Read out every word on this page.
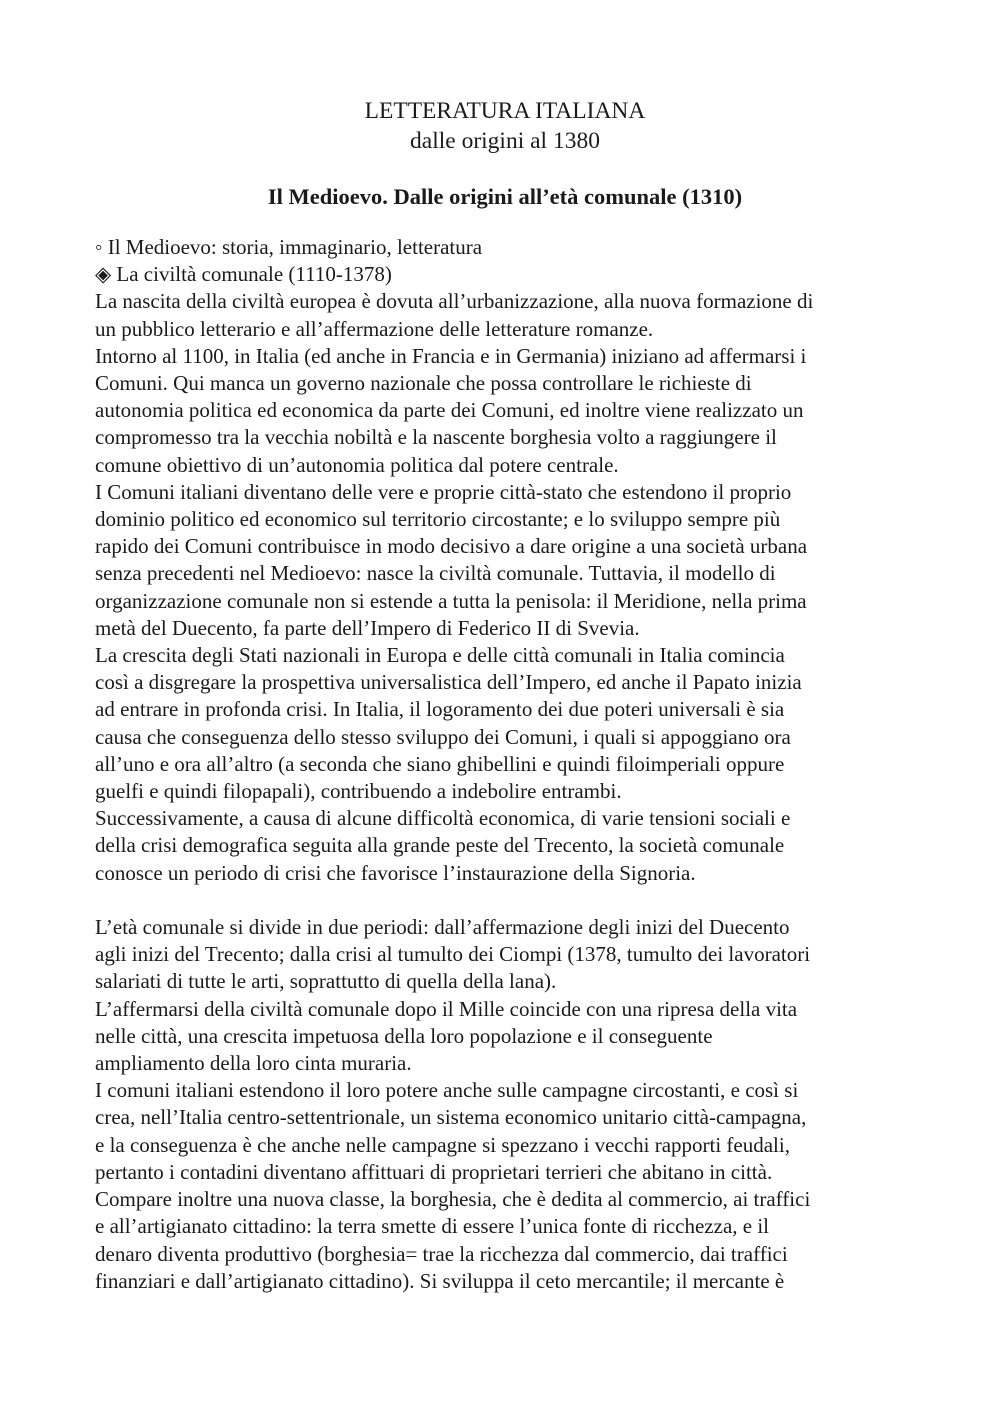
LETTERATURA ITALIANA
dalle origini al 1380
Il Medioevo. Dalle origini all’età comunale (1310)
◦ Il Medioevo: storia, immaginario, letteratura
◈ La civiltà comunale (1110-1378)
La nascita della civiltà europea è dovuta all’urbanizzazione, alla nuova formazione di
un pubblico letterario e all’affermazione delle letterature romanze.
Intorno al 1100, in Italia (ed anche in Francia e in Germania) iniziano ad affermarsi i
Comuni. Qui manca un governo nazionale che possa controllare le richieste di
autonomia politica ed economica da parte dei Comuni, ed inoltre viene realizzato un
compromesso tra la vecchia nobiltà e la nascente borghesia volto a raggiungere il
comune obiettivo di un’autonomia politica dal potere centrale.
I Comuni italiani diventano delle vere e proprie città-stato che estendono il proprio
dominio politico ed economico sul territorio circostante; e lo sviluppo sempre più
rapido dei Comuni contribuisce in modo decisivo a dare origine a una società urbana
senza precedenti nel Medioevo: nasce la civiltà comunale. Tuttavia, il modello di
organizzazione comunale non si estende a tutta la penisola: il Meridione, nella prima
metà del Duecento, fa parte dell’Impero di Federico II di Svevia.
La crescita degli Stati nazionali in Europa e delle città comunali in Italia comincia
così a disgregare la prospettiva universalistica dell’Impero, ed anche il Papato inizia
ad entrare in profonda crisi. In Italia, il logoramento dei due poteri universali è sia
causa che conseguenza dello stesso sviluppo dei Comuni, i quali si appoggiano ora
all’uno e ora all’altro (a seconda che siano ghibellini e quindi filoimperiali oppure
guelfi e quindi filopapali), contribuendo a indebolire entrambi.
Successivamente, a causa di alcune difficoltà economica, di varie tensioni sociali e
della crisi demografica seguita alla grande peste del Trecento, la società comunale
conosce un periodo di crisi che favorisce l’instaurazione della Signoria.
L’età comunale si divide in due periodi: dall’affermazione degli inizi del Duecento
agli inizi del Trecento; dalla crisi al tumulto dei Ciompi (1378, tumulto dei lavoratori
salariati di tutte le arti, soprattutto di quella della lana).
L’affermarsi della civiltà comunale dopo il Mille coincide con una ripresa della vita
nelle città, una crescita impetuosa della loro popolazione e il conseguente
ampliamento della loro cinta muraria.
I comuni italiani estendono il loro potere anche sulle campagne circostanti, e così si
crea, nell’Italia centro-settentrionale, un sistema economico unitario città-campagna,
e la conseguenza è che anche nelle campagne si spezzano i vecchi rapporti feudali,
pertanto i contadini diventano affittuari di proprietari terrieri che abitano in città.
Compare inoltre una nuova classe, la borghesia, che è dedita al commercio, ai traffici
e all’artigianato cittadino: la terra smette di essere l’unica fonte di ricchezza, e il
denaro diventa produttivo (borghesia= trae la ricchezza dal commercio, dai traffici
finanziari e dall’artigianato cittadino). Si sviluppa il ceto mercantile; il mercante è
